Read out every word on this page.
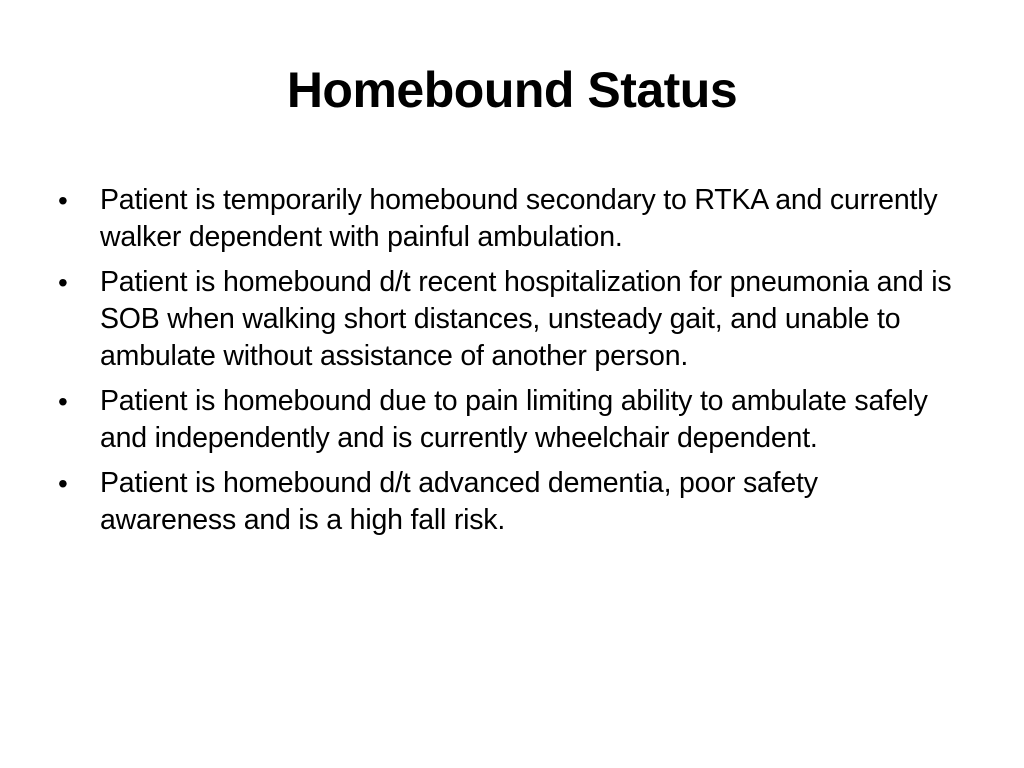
Homebound Status
• Patient is temporarily homebound secondary to RTKA and currently walker dependent with painful ambulation.
• Patient is homebound d/t recent hospitalization for pneumonia and is SOB when walking short distances, unsteady gait, and unable to ambulate without assistance of another person.
• Patient is homebound due to pain limiting ability to ambulate safely and independently and is currently wheelchair dependent.
• Patient is homebound d/t advanced dementia, poor safety awareness and is a high fall risk.
